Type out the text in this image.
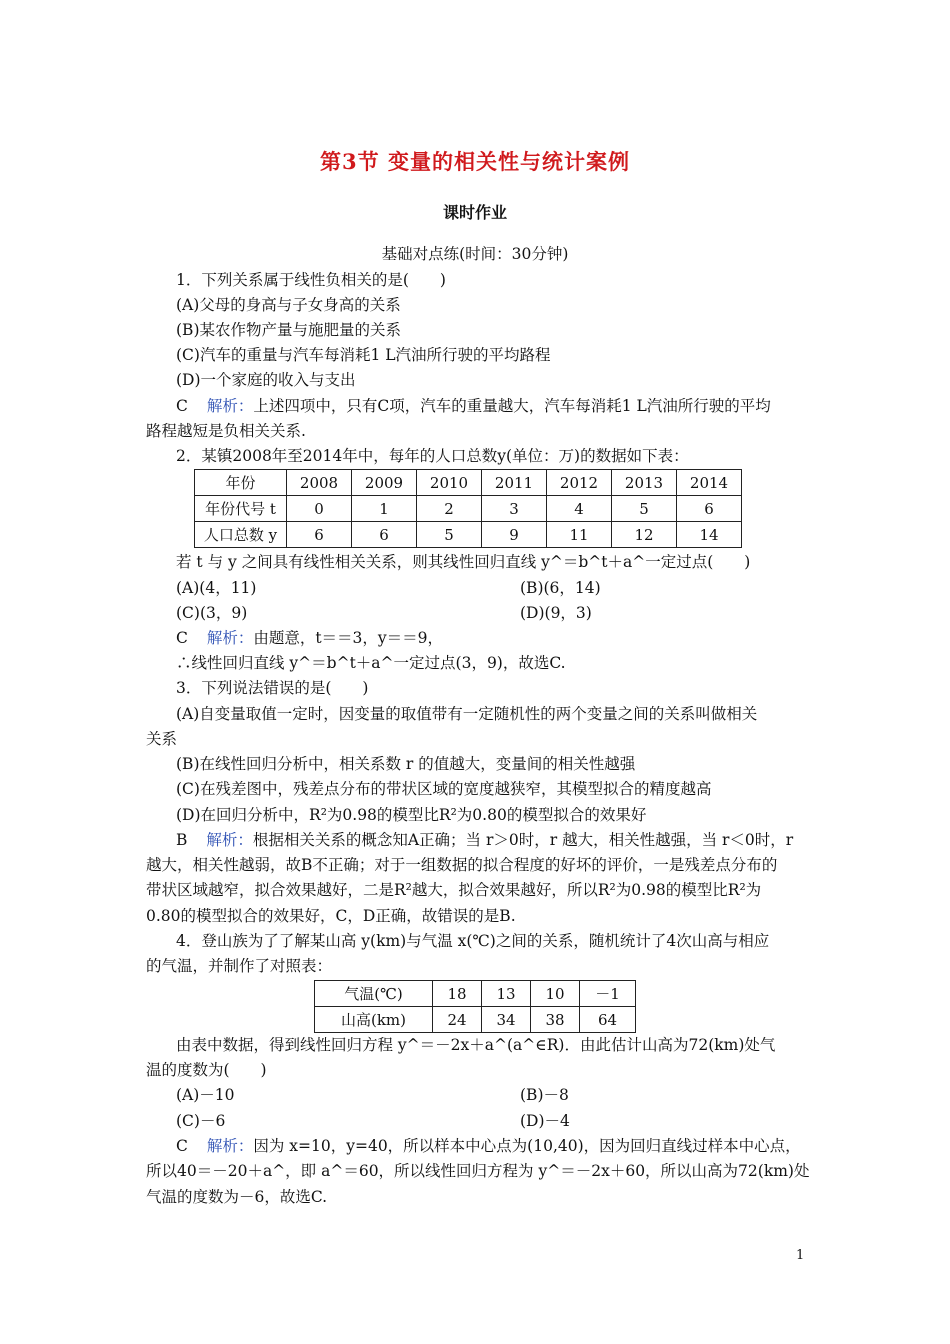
第3节 变量的相关性与统计案例
课时作业
基础对点练(时间：30分钟)
1．下列关系属于线性负相关的是(　　)
(A)父母的身高与子女身高的关系
(B)某农作物产量与施肥量的关系
(C)汽车的重量与汽车每消耗1 L汽油所行驶的平均路程
(D)一个家庭的收入与支出
C 解析：上述四项中，只有C项，汽车的重量越大，汽车每消耗1 L汽油所行驶的平均
路程越短是负相关关系.
2．某镇2008年至2014年中，每年的人口总数y(单位：万)的数据如下表：
年份	2008	2009	2010	2011	2012	2013	2014
年份代号 t	0	1	2	3	4	5	6
人口总数 y	6	6	5	9	11	12	14
若 t 与 y 之间具有线性相关关系，则其线性回归直线 y^＝b^t＋a^一定过点(　　)
(A)(4，11)	(B)(6，14)
(C)(3，9)	(D)(9，3)
C 解析：由题意，t＝＝3，y＝＝9，
∴线性回归直线 y^＝b^t＋a^一定过点(3，9)，故选C.
3．下列说法错误的是(　　)
(A)自变量取值一定时，因变量的取值带有一定随机性的两个变量之间的关系叫做相关
关系
(B)在线性回归分析中，相关系数 r 的值越大，变量间的相关性越强
(C)在残差图中，残差点分布的带状区域的宽度越狭窄，其模型拟合的精度越高
(D)在回归分析中，R²为0.98的模型比R²为0.80的模型拟合的效果好
B 解析：根据相关关系的概念知A正确；当 r＞0时，r 越大，相关性越强，当 r＜0时，r
越大，相关性越弱，故B不正确；对于一组数据的拟合程度的好坏的评价，一是残差点分布的
带状区域越窄，拟合效果越好，二是R²越大，拟合效果越好，所以R²为0.98的模型比R²为
0.80的模型拟合的效果好，C，D正确，故错误的是B.
4．登山族为了了解某山高 y(km)与气温 x(℃)之间的关系，随机统计了4次山高与相应
的气温，并制作了对照表：
气温(℃)	18	13	10	－1
山高(km)	24	34	38	64
由表中数据，得到线性回归方程 y^＝－2x＋a^(a^∈R)．由此估计山高为72(km)处气
温的度数为(　　)
(A)－10	(B)－8
(C)－6	(D)－4
C 解析：因为 x=10，y=40，所以样本中心点为(10,40)，因为回归直线过样本中心点，
所以40＝－20＋a^，即 a^＝60，所以线性回归方程为 y^＝－2x＋60，所以山高为72(km)处
气温的度数为－6，故选C.
1
